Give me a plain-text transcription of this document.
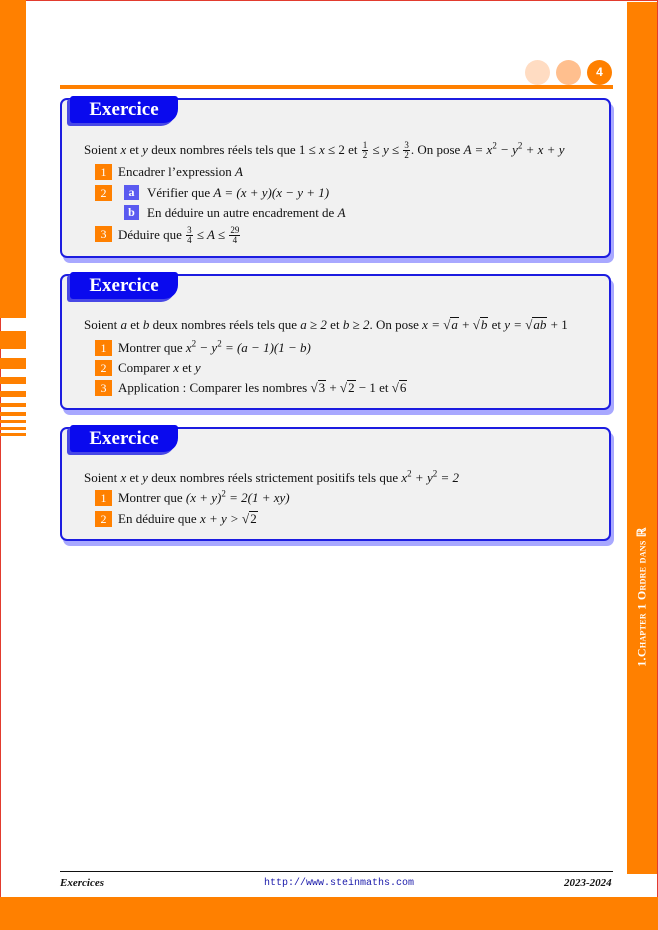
1.Chapter 1 Ordre dans ℝ
4
Exercice
Soient x et y deux nombres réels tels que 1 ≤ x ≤ 2 et $\frac{1}{2} \le y \le \frac{3}{2}$ . On pose $A = x^2 - y^2 + x + y$
1 Encadrer l’expression A
2	a Vérifier que A = (x + y)(x − y + 1)
b En déduire un autre encadrement de A
3 Déduire que $\frac{3}{4} \le A \le \frac{29}{4}$
Exercice
Soient a et b deux nombres réels tels que a ≥ 2 et b ≥ 2. On pose x = √a + √b et y = √ab + 1
1 Montrer que $x^2 - y^2 = (a - 1)(1 - b)$
2 Comparer x et y
3 Application : Comparer les nombres √3 + √2 − 1 et √6
Exercice
Soient x et y deux nombres réels strictement positifs tels que $x^2 + y^2 = 2$
1 Montrer que $(x + y)^2 = 2(1 + xy)$
2 En déduire que x + y > √2
Exercices	http://www.steinmaths.com	2023-2024
